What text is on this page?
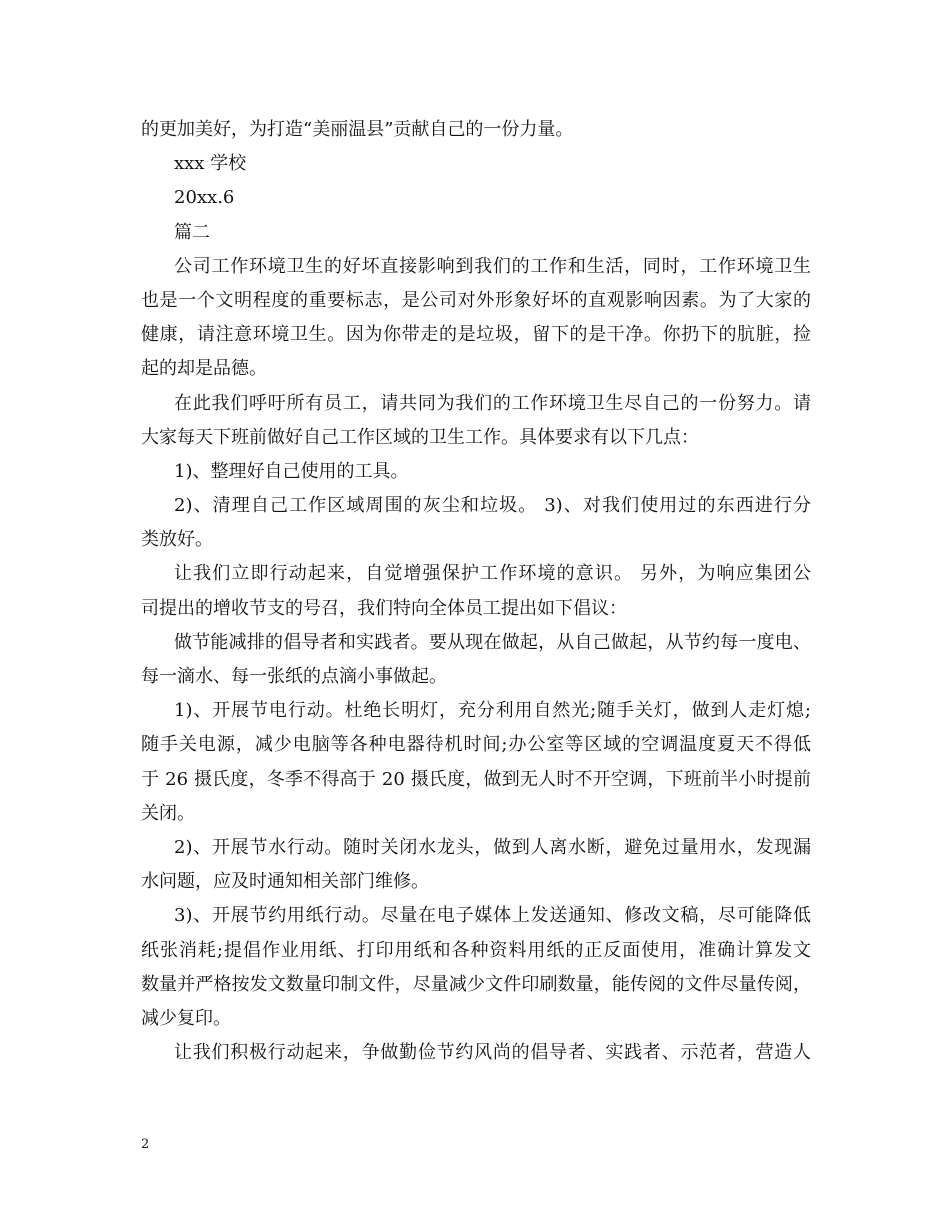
的更加美好，为打造“美丽温县”贡献自己的一份力量。
xxx 学校
20xx.6
篇二
公司工作环境卫生的好坏直接影响到我们的工作和生活，同时，工作环境卫生
也是一个文明程度的重要标志，是公司对外形象好坏的直观影响因素。为了大家的
健康，请注意环境卫生。因为你带走的是垃圾，留下的是干净。你扔下的肮脏，捡
起的却是品德。
在此我们呼吁所有员工，请共同为我们的工作环境卫生尽自己的一份努力。请
大家每天下班前做好自己工作区域的卫生工作。具体要求有以下几点：
1)、整理好自己使用的工具。
2)、清理自己工作区域周围的灰尘和垃圾。 3)、对我们使用过的东西进行分
类放好。
让我们立即行动起来，自觉增强保护工作环境的意识。 另外，为响应集团公
司提出的增收节支的号召，我们特向全体员工提出如下倡议：
做节能减排的倡导者和实践者。要从现在做起，从自己做起，从节约每一度电、
每一滴水、每一张纸的点滴小事做起。
1)、开展节电行动。杜绝长明灯，充分利用自然光;随手关灯，做到人走灯熄;
随手关电源，减少电脑等各种电器待机时间;办公室等区域的空调温度夏天不得低
于 26 摄氏度，冬季不得高于 20 摄氏度，做到无人时不开空调，下班前半小时提前
关闭。
2)、开展节水行动。随时关闭水龙头，做到人离水断，避免过量用水，发现漏
水问题，应及时通知相关部门维修。
3)、开展节约用纸行动。尽量在电子媒体上发送通知、修改文稿，尽可能降低
纸张消耗;提倡作业用纸、打印用纸和各种资料用纸的正反面使用，准确计算发文
数量并严格按发文数量印制文件，尽量减少文件印刷数量，能传阅的文件尽量传阅，
减少复印。
让我们积极行动起来，争做勤俭节约风尚的倡导者、实践者、示范者，营造人
2
